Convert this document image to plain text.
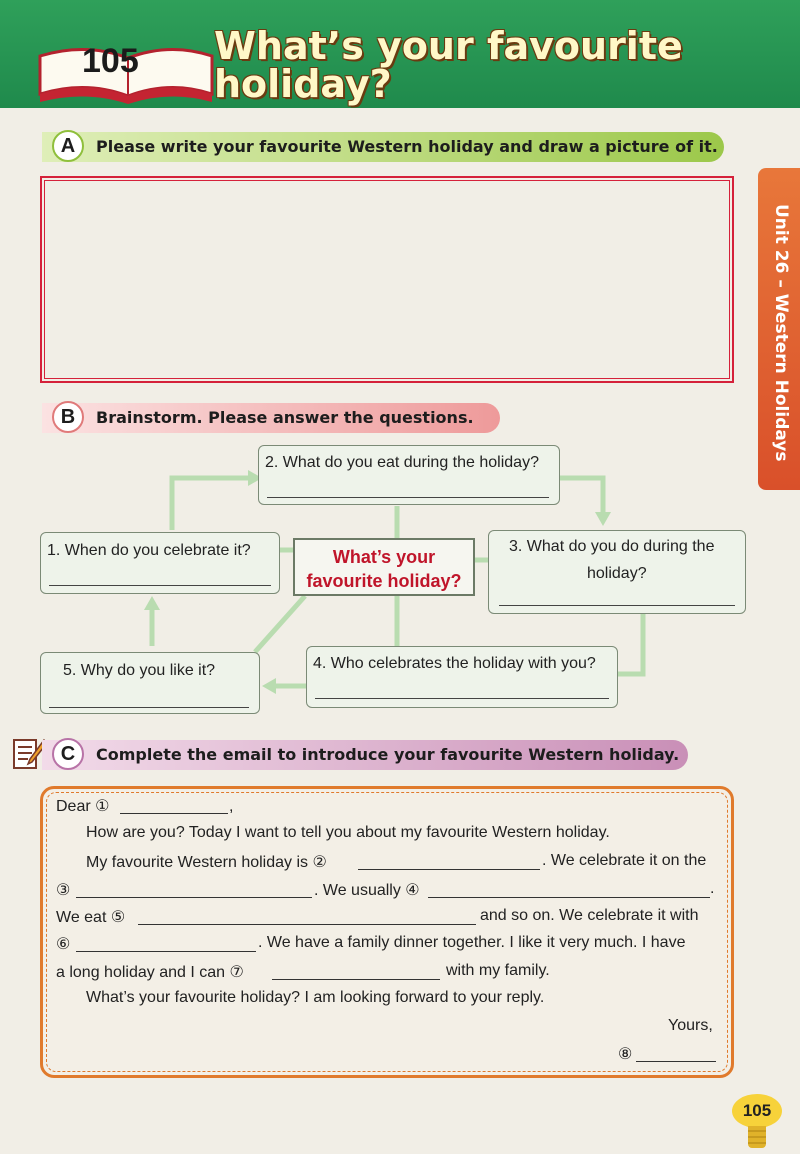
105 What’s your favourite
holiday?
Unit 26 – Western Holidays
Please write your favourite Western holiday and draw a picture of it.
A
Brainstorm. Please answer the questions.
B
2. What do you eat during the holiday?
1. When do you celebrate it?	What’s your
favourite holiday?
3. What do you do during the
holiday?
4. Who celebrates the holiday with you?
5. Why do you like it?
Complete the email to introduce your favourite Western holiday.
C
Dear ①	,
How are you? Today I want to tell you about my favourite Western holiday.
My favourite Western holiday is ②	. We celebrate it on the
③	. We usually ④	.
We eat ⑤	and so on. We celebrate it with
⑥	. We have a family dinner together. I like it very much. I have
a long holiday and I can ⑦	with my family.
What’s your favourite holiday? I am looking forward to your reply.
Yours,
⑧
105
